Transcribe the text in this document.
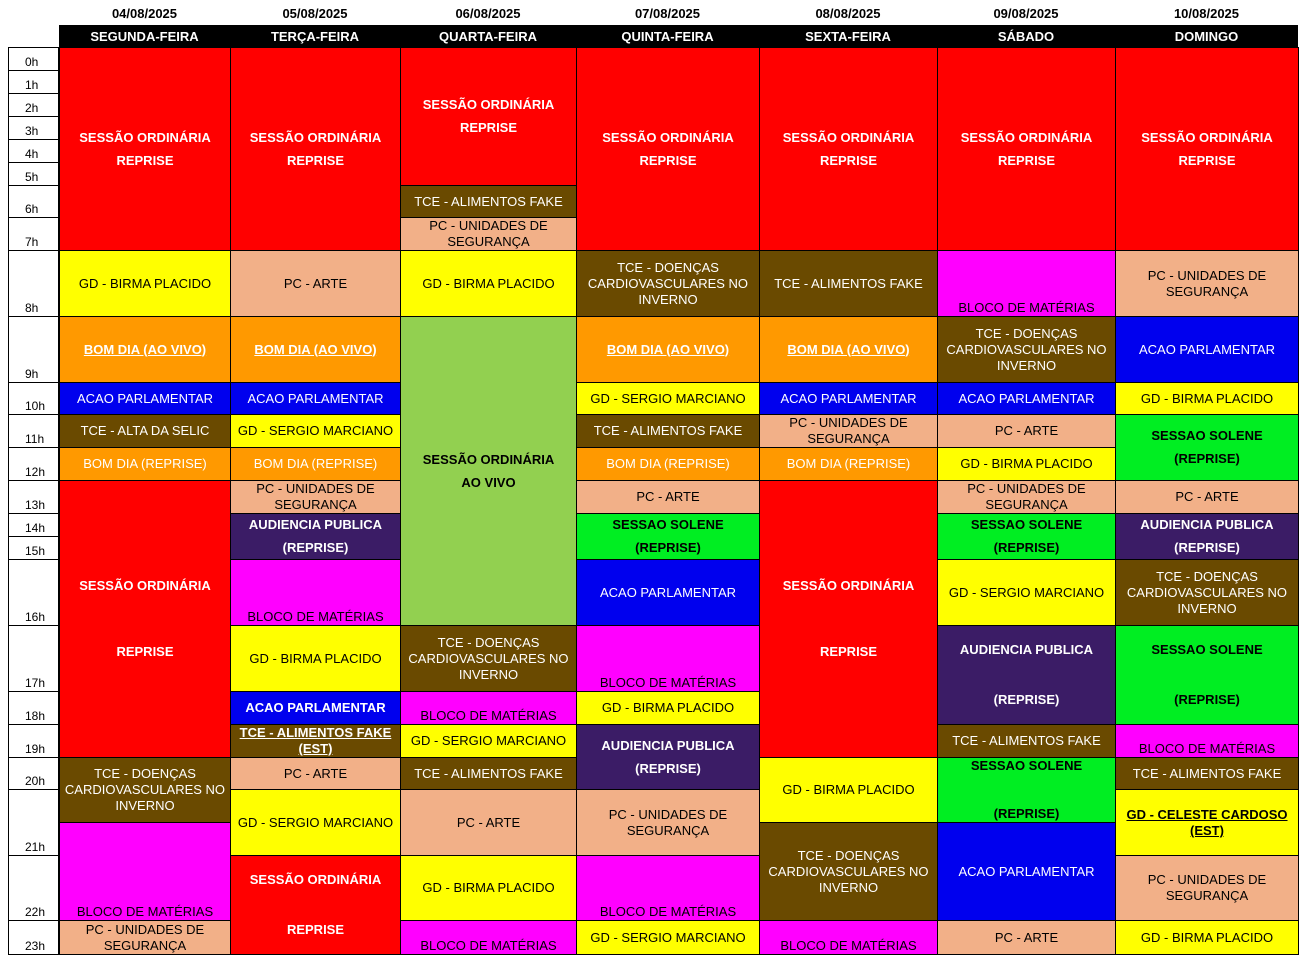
04/08/2025
SEGUNDA-FEIRA
05/08/2025
TERÇA-FEIRA
06/08/2025
QUARTA-FEIRA
07/08/2025
QUINTA-FEIRA
08/08/2025
SEXTA-FEIRA
09/08/2025
SÁBADO
10/08/2025
DOMINGO
0h
1h
2h
3h
4h
5h
6h
7h
8h
9h
10h
11h
12h
13h
14h
15h
16h
17h
18h
19h
20h
21h
22h
23h
SESSÃO ORDINÁRIA
REPRISE
GD - BIRMA PLACIDO
BOM DIA (AO VIVO)
ACAO PARLAMENTAR
TCE - ALTA DA SELIC
BOM DIA (REPRISE)
SESSÃO ORDINÁRIA
REPRISE
TCE - DOENÇAS
CARDIOVASCULARES NO
INVERNO
BLOCO DE MATÉRIAS
PC - UNIDADES DE
SEGURANÇA
SESSÃO ORDINÁRIA
REPRISE
PC - ARTE
BOM DIA (AO VIVO)
ACAO PARLAMENTAR
GD - SERGIO MARCIANO
BOM DIA (REPRISE)
PC - UNIDADES DE
SEGURANÇA
AUDIENCIA PUBLICA
(REPRISE)
BLOCO DE MATÉRIAS
GD - BIRMA PLACIDO
ACAO PARLAMENTAR
TCE - ALIMENTOS FAKE
(EST)
PC - ARTE
GD - SERGIO MARCIANO
SESSÃO ORDINÁRIA
REPRISE
SESSÃO ORDINÁRIA
REPRISE
TCE - ALIMENTOS FAKE
PC - UNIDADES DE
SEGURANÇA
GD - BIRMA PLACIDO
SESSÃO ORDINÁRIA
AO VIVO
TCE - DOENÇAS
CARDIOVASCULARES NO
INVERNO
BLOCO DE MATÉRIAS
GD - SERGIO MARCIANO
TCE - ALIMENTOS FAKE
PC - ARTE
GD - BIRMA PLACIDO
BLOCO DE MATÉRIAS
SESSÃO ORDINÁRIA
REPRISE
TCE - DOENÇAS
CARDIOVASCULARES NO
INVERNO
BOM DIA (AO VIVO)
GD - SERGIO MARCIANO
TCE - ALIMENTOS FAKE
BOM DIA (REPRISE)
PC - ARTE
SESSAO SOLENE
(REPRISE)
ACAO PARLAMENTAR
BLOCO DE MATÉRIAS
GD - BIRMA PLACIDO
AUDIENCIA PUBLICA
(REPRISE)
PC - UNIDADES DE
SEGURANÇA
BLOCO DE MATÉRIAS
GD - SERGIO MARCIANO
SESSÃO ORDINÁRIA
REPRISE
TCE - ALIMENTOS FAKE
BOM DIA (AO VIVO)
ACAO PARLAMENTAR
PC - UNIDADES DE
SEGURANÇA
BOM DIA (REPRISE)
SESSÃO ORDINÁRIA
REPRISE
GD - BIRMA PLACIDO
TCE - DOENÇAS
CARDIOVASCULARES NO
INVERNO
BLOCO DE MATÉRIAS
SESSÃO ORDINÁRIA
REPRISE
BLOCO DE MATÉRIAS
TCE - DOENÇAS
CARDIOVASCULARES NO
INVERNO
ACAO PARLAMENTAR
PC - ARTE
GD - BIRMA PLACIDO
PC - UNIDADES DE
SEGURANÇA
SESSAO SOLENE
(REPRISE)
GD - SERGIO MARCIANO
AUDIENCIA PUBLICA
(REPRISE)
TCE - ALIMENTOS FAKE
SESSAO SOLENE
(REPRISE)
ACAO PARLAMENTAR
PC - ARTE
SESSÃO ORDINÁRIA
REPRISE
PC - UNIDADES DE
SEGURANÇA
ACAO PARLAMENTAR
GD - BIRMA PLACIDO
SESSAO SOLENE
(REPRISE)
PC - ARTE
AUDIENCIA PUBLICA
(REPRISE)
TCE - DOENÇAS
CARDIOVASCULARES NO
INVERNO
SESSAO SOLENE
(REPRISE)
BLOCO DE MATÉRIAS
TCE - ALIMENTOS FAKE
GD - CELESTE CARDOSO
(EST)
PC - UNIDADES DE
SEGURANÇA
GD - BIRMA PLACIDO
